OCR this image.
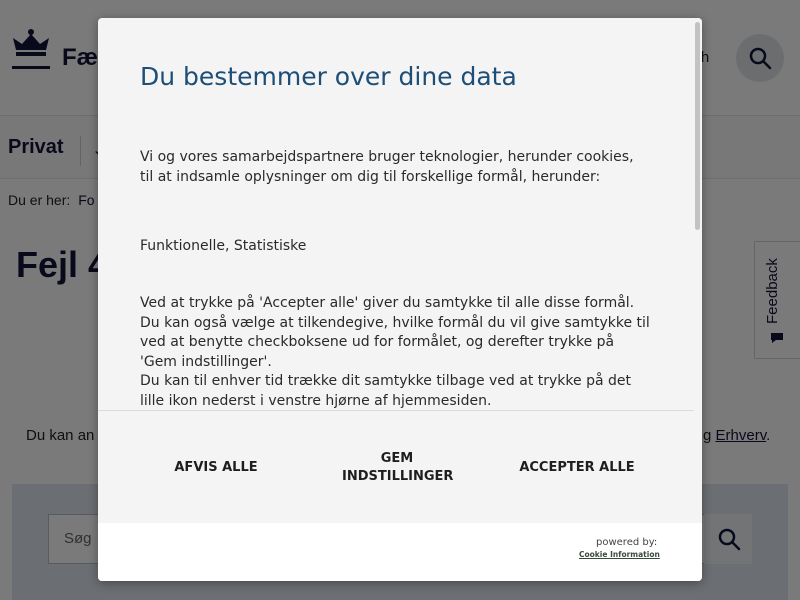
Du bestemmer over dine data

Vi og vores samarbejdspartnere bruger teknologier, herunder cookies, til at indsamle oplysninger om dig til forskellige formål, herunder:

Funktionelle, Statistiske

Ved at trykke på 'Accepter alle' giver du samtykke til alle disse formål. Du kan også vælge at tilkendegive, hvilke formål du vil give samtykke til ved at benytte checkboksene ud for formålet, og derefter trykke på 'Gem indstillinger'.

Du kan til enhver tid trække dit samtykke tilbage ved at trykke på det lille ikon nederst i venstre hjørne af hjemmesiden.

AFVIS ALLE
GEM INDSTILLINGER
ACCEPTER ALLE
powered by:
Cookie Information
